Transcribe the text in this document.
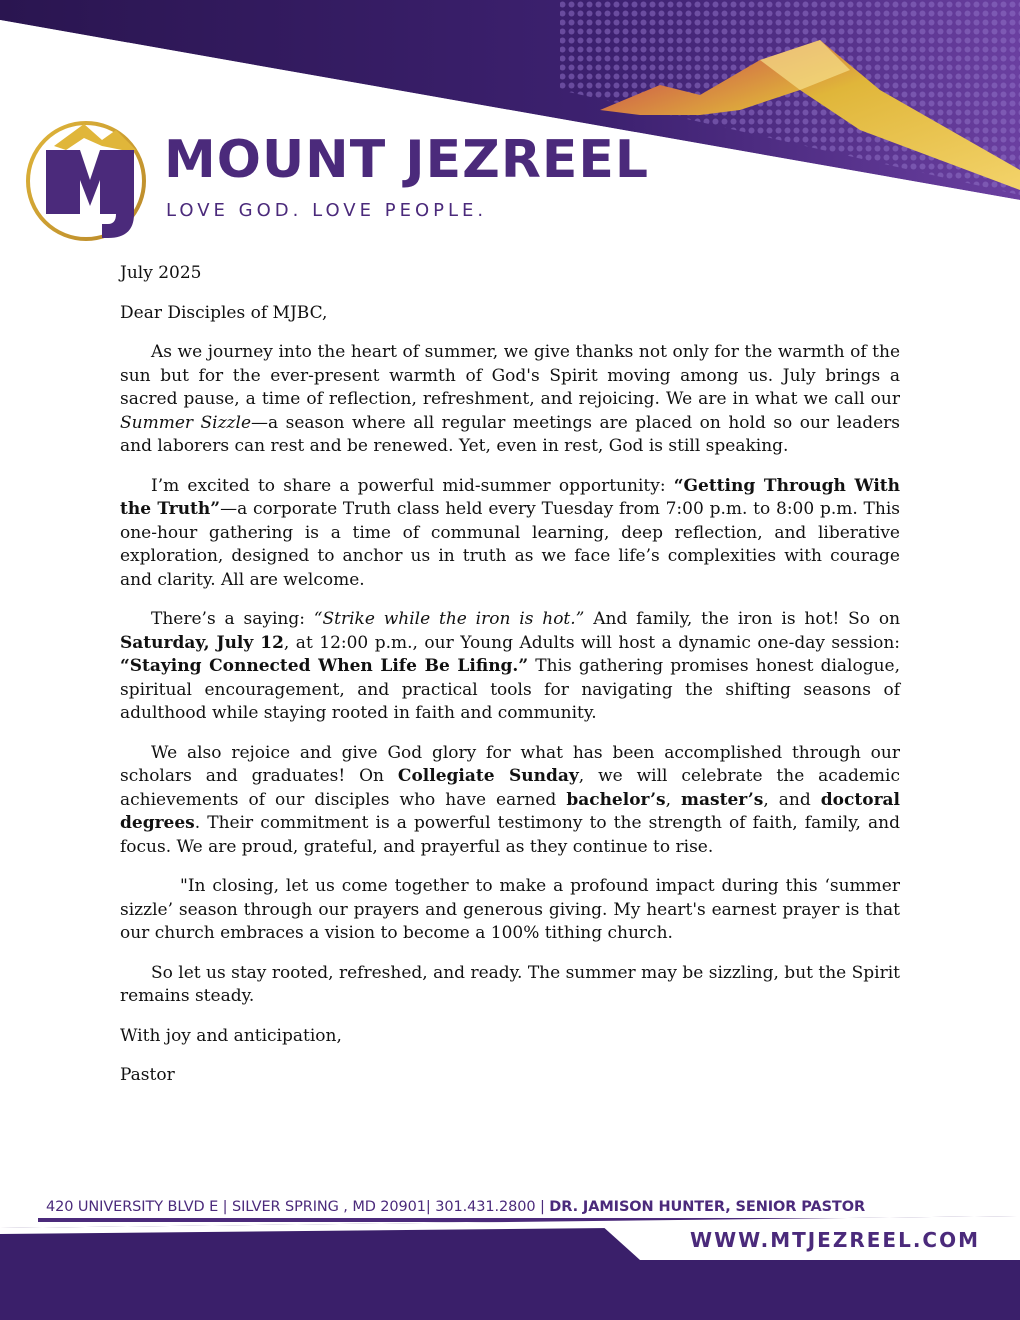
MOUNT JEZREEL
LOVE GOD. LOVE PEOPLE.

July 2025

Dear Disciples of MJBC,

As we journey into the heart of summer, we give thanks not only for the warmth of the sun but for the ever-present warmth of God's Spirit moving among us. July brings a sacred pause, a time of reflection, refreshment, and rejoicing. We are in what we call our Summer Sizzle—a season where all regular meetings are placed on hold so our leaders and laborers can rest and be renewed. Yet, even in rest, God is still speaking.

I’m excited to share a powerful mid-summer opportunity: “Getting Through With the Truth”—a corporate Truth class held every Tuesday from 7:00 p.m. to 8:00 p.m. This one-hour gathering is a time of communal learning, deep reflection, and liberative exploration, designed to anchor us in truth as we face life’s complexities with courage and clarity. All are welcome.

There’s a saying: “Strike while the iron is hot.” And family, the iron is hot! So on Saturday, July 12, at 12:00 p.m., our Young Adults will host a dynamic one-day session: “Staying Connected When Life Be Lifing.” This gathering promises honest dialogue, spiritual encouragement, and practical tools for navigating the shifting seasons of adulthood while staying rooted in faith and community.

We also rejoice and give God glory for what has been accomplished through our scholars and graduates! On Collegiate Sunday, we will celebrate the academic achievements of our disciples who have earned bachelor’s, master’s, and doctoral degrees. Their commitment is a powerful testimony to the strength of faith, family, and focus. We are proud, grateful, and prayerful as they continue to rise.

"In closing, let us come together to make a profound impact during this ‘summer sizzle’ season through our prayers and generous giving. My heart's earnest prayer is that our church embraces a vision to become a 100% tithing church.

So let us stay rooted, refreshed, and ready. The summer may be sizzling, but the Spirit remains steady.

With joy and anticipation,

Pastor

420 UNIVERSITY BLVD E | SILVER SPRING , MD 20901| 301.431.2800 | DR. JAMISON HUNTER, SENIOR PASTOR
WWW.MTJEZREEL.COM
